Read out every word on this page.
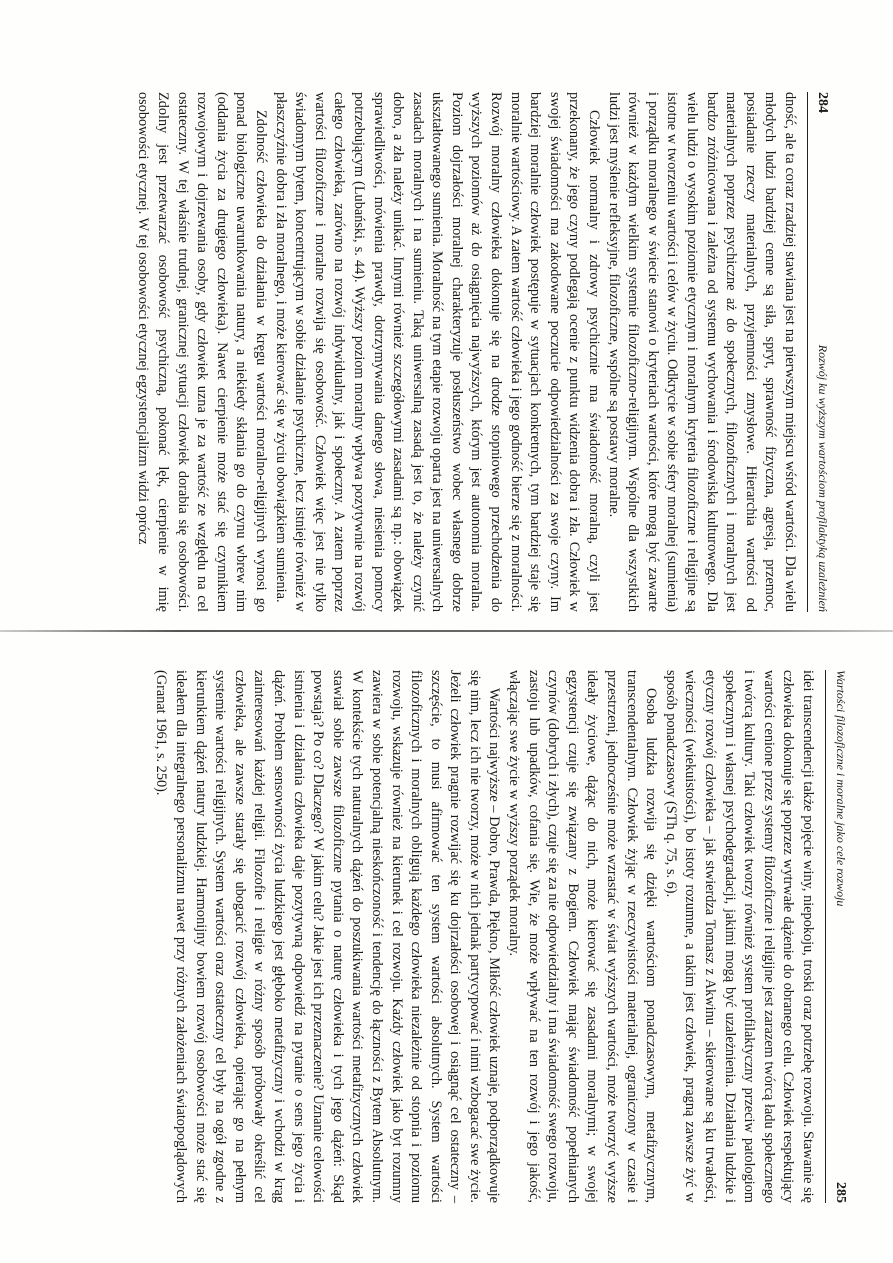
284
Rozwój ku wyższym wartościom profilaktyką uzależnień

dność, ale ta coraz rzadziej stawiana jest na pierwszym miejscu wśród wartości. Dla wielu młodych ludzi bardziej cenne są siła, spryt, sprawność fizyczna, agresja, przemoc, posiadanie rzeczy materialnych, przyjemności zmysłowe. Hierarchia wartości od materialnych poprzez psychiczne aż do społecznych, filozoficznych i moralnych jest bardzo zróżnicowana i zależna od systemu wychowania i środowiska kulturowego. Dla wielu ludzi o wysokim poziomie etycznym i moralnym kryteria filozoficzne i religijne są istotne w tworzeniu wartości i celów w życiu. Odkrycie w sobie sfery moralnej (sumienia) i porządku moralnego w świecie stanowi o kryteriach wartości, które mogą być zawarte również w każdym wielkim systemie filozoficzno-religijnym. Wspólne dla wszystkich ludzi jest myślenie refleksyjne, filozoficzne, wspólne są postawy moralne.

Człowiek normalny i zdrowy psychicznie ma świadomość moralną, czyli jest przekonany, że jego czyny podlegają ocenie z punktu widzenia dobra i zła. Człowiek w swojej świadomości ma zakodowane poczucie odpowiedzialności za swoje czyny. Im bardziej moralnie człowiek postępuje w sytuacjach konkretnych, tym bardziej staje się moralnie wartościowy. A zatem wartość człowieka i jego godność bierze się z moralności. Rozwój moralny człowieka dokonuje się na drodze stopniowego przechodzenia do wyższych poziomów aż do osiągnięcia najwyższych, którym jest autonomia moralna. Poziom dojrzałości moralnej charakteryzuje posłuszeństwo wobec własnego dobrze ukształtowanego sumienia. Moralność na tym etapie rozwoju oparta jest na uniwersalnych zasadach moralnych i na sumieniu. Taką uniwersalną zasadą jest to, że należy czynić dobro, a zła należy unikać. Innymi również szczegółowymi zasadami są np.: obowiązek sprawiedliwości, mówienia prawdy, dotrzymywania danego słowa, niesienia pomocy potrzebującym (Lubański, s. 44). Wyższy poziom moralny wpływa pozytywnie na rozwój całego człowieka, zarówno na rozwój indywidualny, jak i społeczny. A zatem poprzez wartości filozoficzne i moralne rozwija się osobowość. Człowiek więc jest nie tylko świadomym bytem, koncentrującym w sobie działanie psychiczne, lecz istnieje również w płaszczyźnie dobra i zła moralnego, i może kierować się w życiu obowiązkiem sumienia.

Zdolność człowieka do działania w kręgu wartości moralno-religijnych wynosi go ponad biologiczne uwarunkowania natury, a niekiedy skłania go do czynu wbrew nim (oddania życia za drugiego człowieka). Nawet cierpienie może stać się czynnikiem rozwojowym i dojrzewania osoby, gdy człowiek uzna je za wartość ze względu na cel ostateczny. W tej właśnie trudnej, granicznej sytuacji człowiek dorabia się osobowości. Zdolny jest przetwarzać osobowość psychiczną, pokonać lęk, cierpienie w imię osobowości etycznej. W tej osobowości etycznej egzystencjalizm widzi oprócz

Wartości filozoficzne i moralne jako cele rozwoju
285

idei transcendencji także pojęcie winy, niepokoju, troski oraz potrzebę rozwoju. Stawanie się człowieka dokonuje się poprzez wytrwałe dążenie do obranego celu. Człowiek respektujący wartości cenione przez systemy filozoficzne i religijne jest zarazem twórcą ładu społecznego i twórcą kultury. Taki człowiek tworzy również system profilaktyczny przeciw patologiom społecznym i własnej psychodegradacji, jakimi mogą być uzależnienia. Działania ludzkie i etyczny rozwój człowieka – jak stwierdza Tomasz z Akwinu – skierowane są ku trwałości, wieczności (wiekuistości), bo istoty rozumne, a takim jest człowiek, pragną zawsze żyć w sposób ponadczasowy (STh q. 75, s. 6).

Osoba ludzka rozwija się dzięki wartościom ponadczasowym, metafizycznym, transcendentalnym. Człowiek żyjąc w rzeczywistości materialnej, ograniczony w czasie i przestrzeni, jednocześnie może wzrastać w świat wyższych wartości, może tworzyć wyższe ideały życiowe, dążąc do nich, może kierować się zasadami moralnymi; w swojej egzystencji czuje się związany z Bogiem. Człowiek mając świadomość popełnianych czynów (dobrych i złych), czuje się za nie odpowiedzialny i ma świadomość swego rozwoju, zastoju lub upadków, cofania się. Wie, że może wpływać na ten rozwój i jego jakość, włączając swe życie w wyższy porządek moralny.

Wartości najwyższe – Dobro, Prawda, Piękno, Miłość człowiek uznaje, podporządkowuje się nim, lecz ich nie tworzy, może w nich jednak partycypować i nimi wzbogacać swe życie. Jeżeli człowiek pragnie rozwijać się ku dojrzałości osobowej i osiągnąć cel ostateczny – szczęście, to musi afirmować ten system wartości absolutnych. System wartości filozoficznych i moralnych obligują każdego człowieka niezależnie od stopnia i poziomu rozwoju, wskazuje również na kierunek i cel rozwoju. Każdy człowiek jako byt rozumny zawiera w sobie potencjalną nieskończoność i tendencję do łączności z Bytem Absolutnym. W kontekście tych naturalnych dążeń do poszukiwania wartości metafizycznych człowiek stawiał sobie zawsze filozoficzne pytania o naturę człowieka i tych jego dążeń: Skąd powstaja? Po co? Dlaczego? W jakim celu? Jakie jest ich przeznaczenie? Uznanie celowości istnienia i działania człowieka daje pozytywną odpowiedź na pytanie o sens jego życia i dążeń. Problem sensowności życia ludzkiego jest głęboko metafizyczny i wchodzi w krąg zainteresowań każdej religii. Filozofie i religie w różny sposób próbowały określić cel człowieka, ale zawsze starały się ubogacić rozwój człowieka, opierając go na pełnym systemie wartości religijnych. System wartości oraz ostateczny cel były na ogół zgodne z kierunkiem dążeń natury ludzkiej. Harmonijny bowiem rozwój osobowości może stać się ideałem dla integralnego personalizmu nawet przy różnych założeniach światopoglądowych (Granat 1961, s. 250).
